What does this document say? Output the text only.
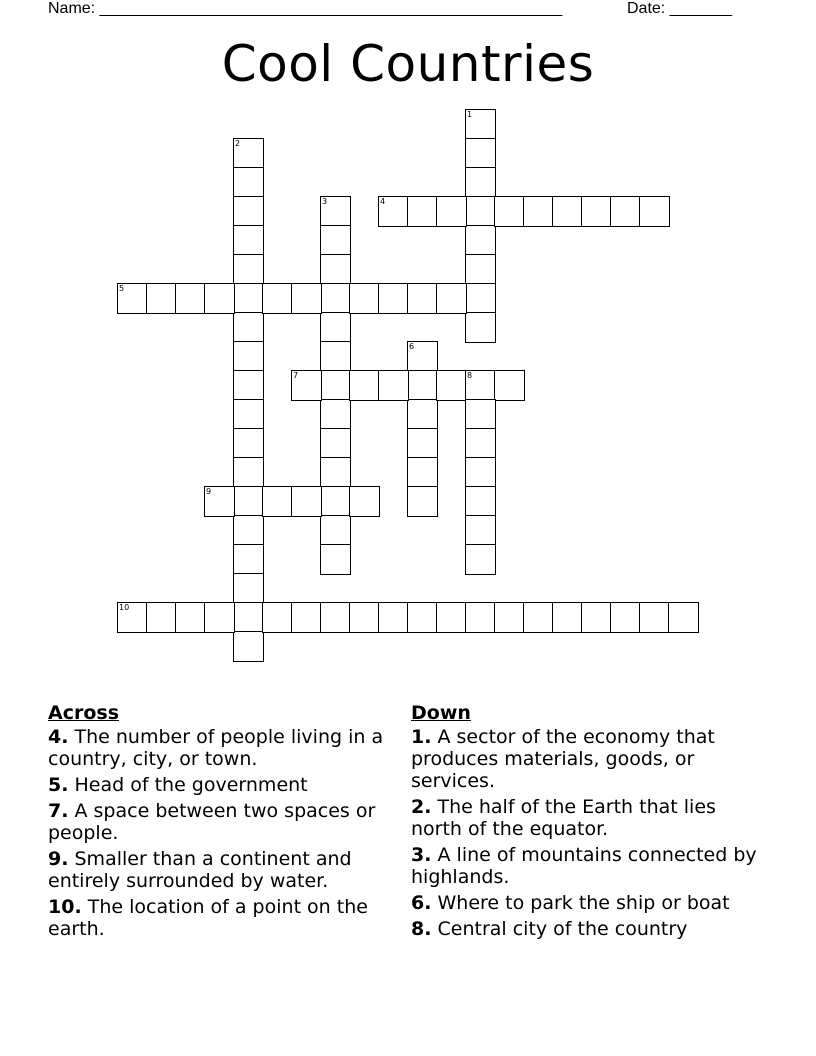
Name: ____________________________________________________	Date: _______
Cool Countries
1
2
3	4
5
6
7	8
9
10
Across
4. The number of people living in a country, city, or town.
5. Head of the government
7. A space between two spaces or people.
9. Smaller than a continent and entirely surrounded by water.
10. The location of a point on the earth.
Down
1. A sector of the economy that produces materials, goods, or services.
2. The half of the Earth that lies north of the equator.
3. A line of mountains connected by highlands.
6. Where to park the ship or boat
8. Central city of the country
